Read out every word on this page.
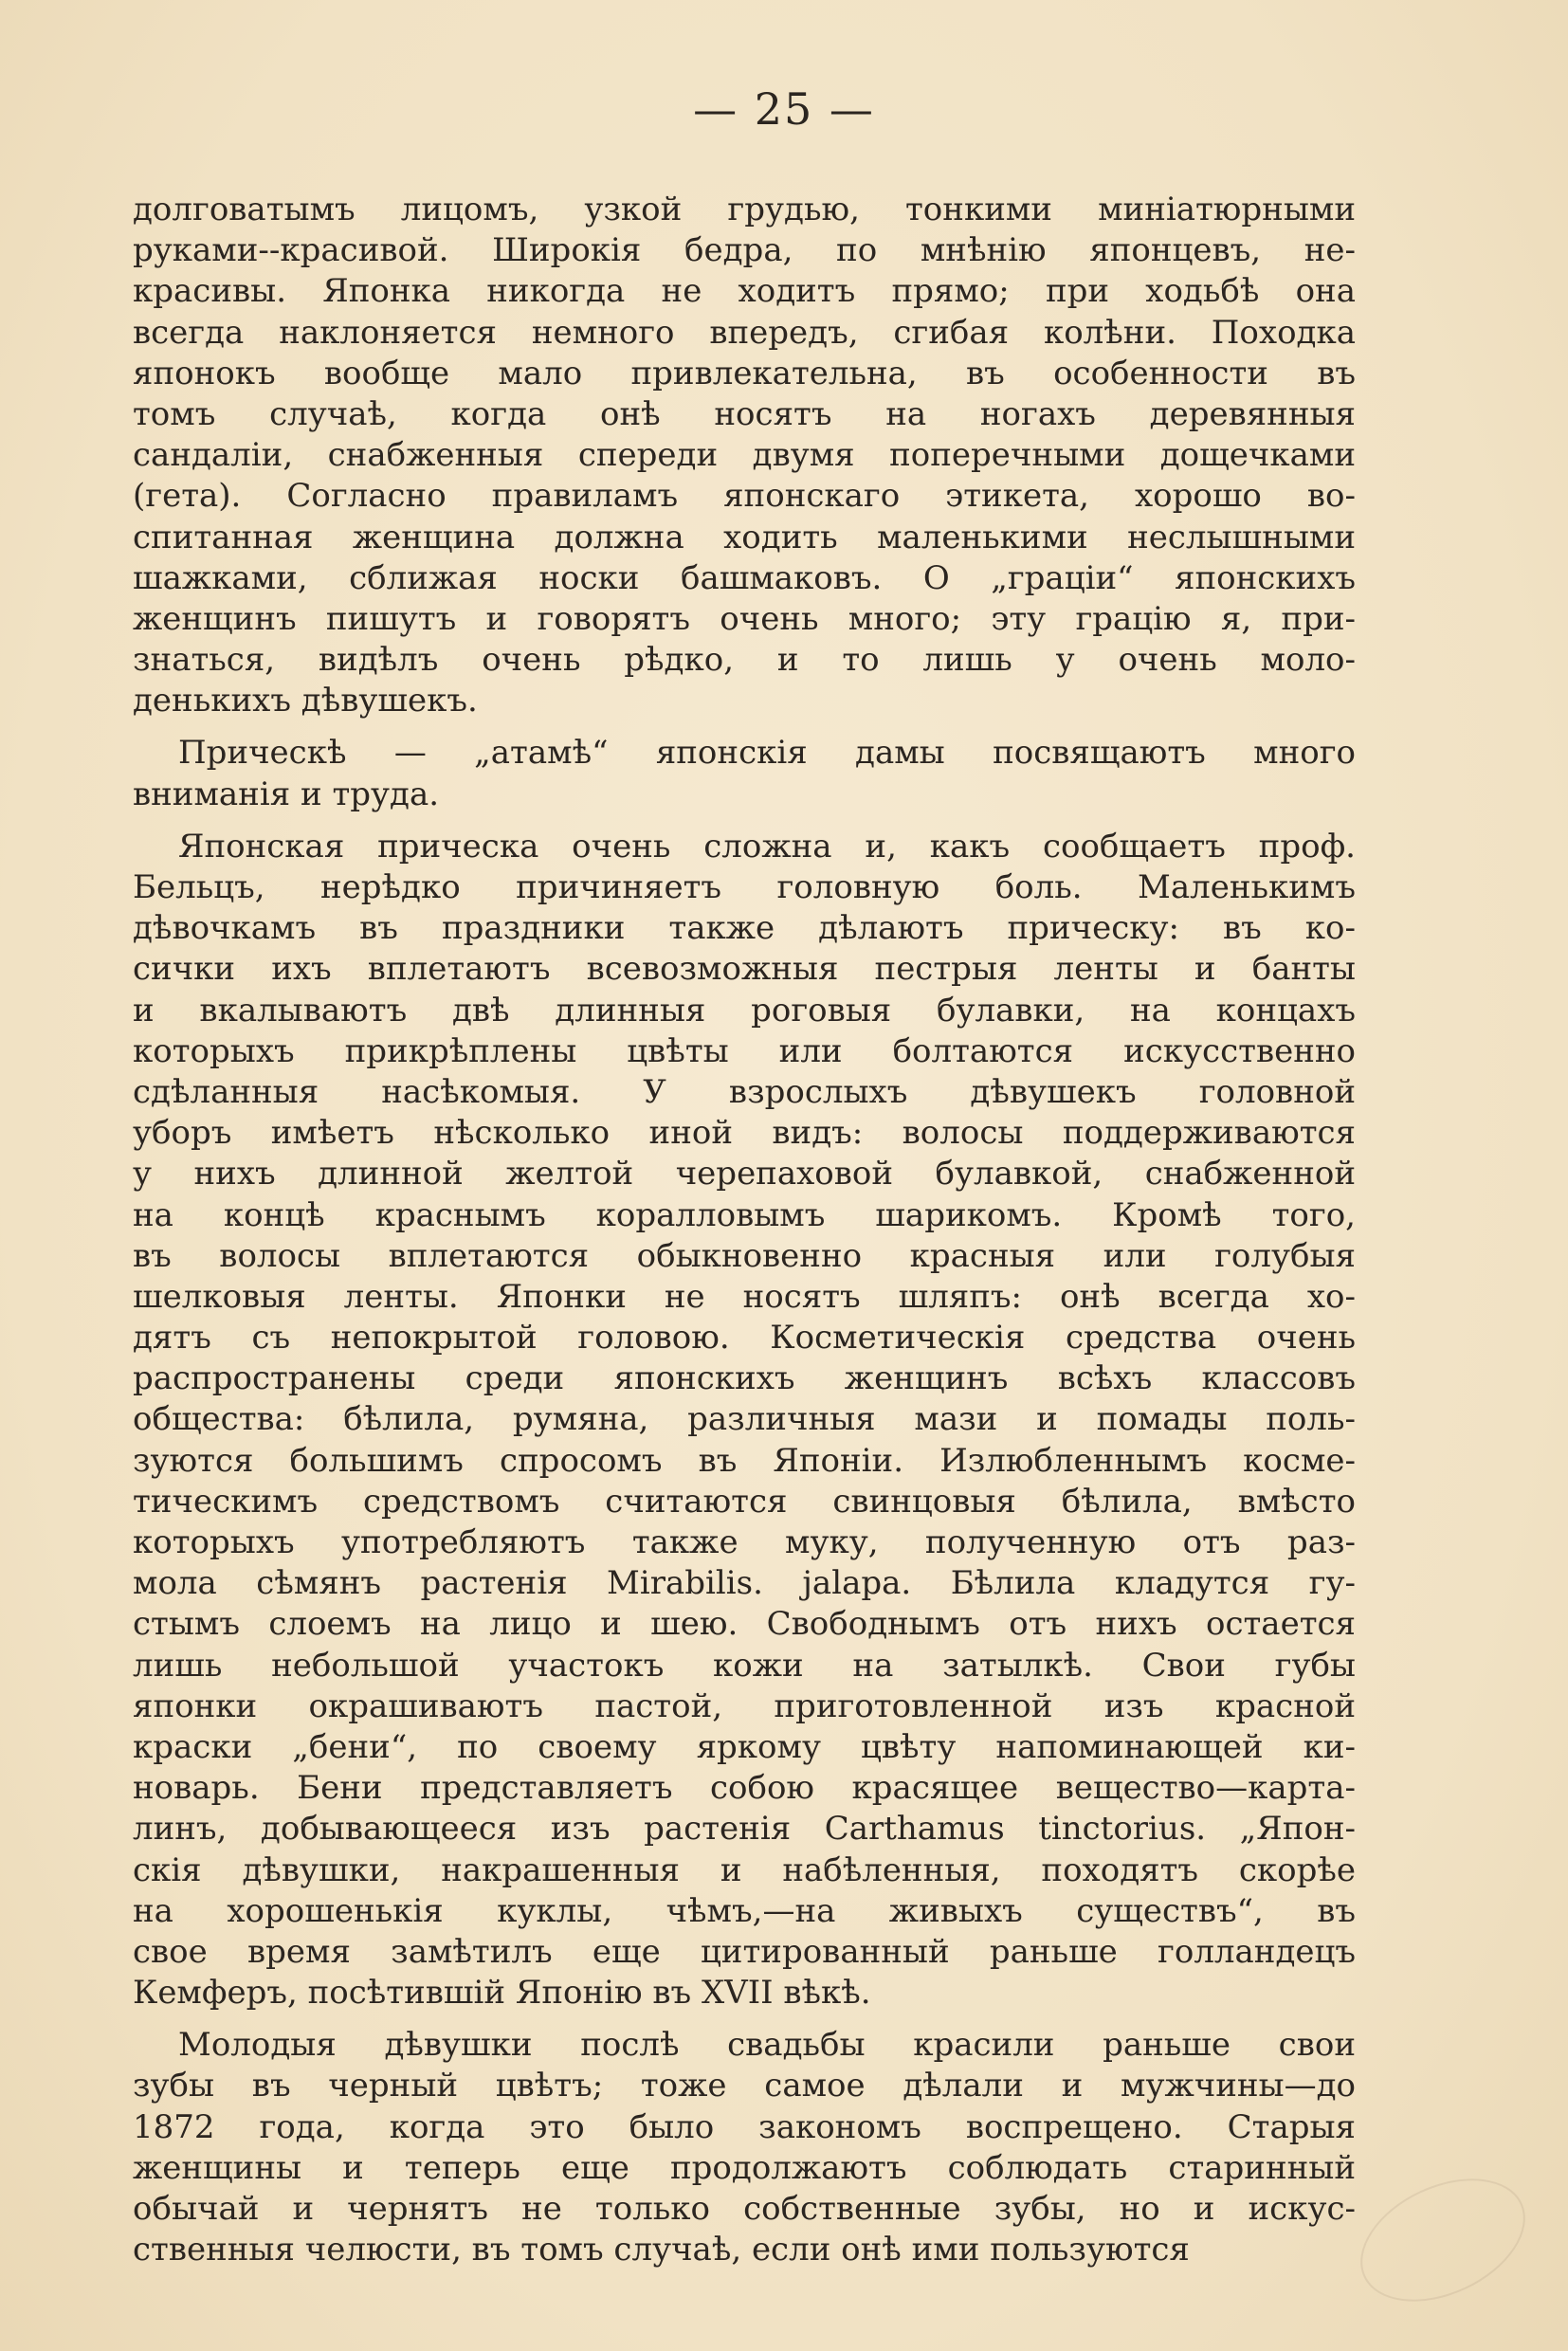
— 25 —
долговатымъ лицомъ, узкой грудью, тонкими миніатюрными
руками--красивой. Широкія бедра, по мнѣнію японцевъ, не-
красивы. Японка никогда не ходитъ прямо; при ходьбѣ она
всегда наклоняется немного впередъ, сгибая колѣни. Походка
японокъ вообще мало привлекательна, въ особенности въ
томъ случаѣ, когда онѣ носятъ на ногахъ деревянныя
сандаліи, снабженныя спереди двумя поперечными дощечками
(гета). Согласно правиламъ японскаго этикета, хорошо во-
спитанная женщина должна ходить маленькими неслышными
шажками, сближая носки башмаковъ. О „граціи“ японскихъ
женщинъ пишутъ и говорятъ очень много; эту грацію я, при-
знаться, видѣлъ очень рѣдко, и то лишь у очень моло-
денькихъ дѣвушекъ.
Прическѣ — „атамѣ“ японскія дамы посвящаютъ много
вниманія и труда.
Японская прическа очень сложна и, какъ сообщаетъ проф.
Бельцъ, нерѣдко причиняетъ головную боль. Маленькимъ
дѣвочкамъ въ праздники также дѣлаютъ прическу: въ ко-
сички ихъ вплетаютъ всевозможныя пестрыя ленты и банты
и вкалываютъ двѣ длинныя роговыя булавки, на концахъ
которыхъ прикрѣплены цвѣты или болтаются искусственно
сдѣланныя насѣкомыя. У взрослыхъ дѣвушекъ головной
уборъ имѣетъ нѣсколько иной видъ: волосы поддерживаются
у нихъ длинной желтой черепаховой булавкой, снабженной
на концѣ краснымъ коралловымъ шарикомъ. Кромѣ того,
въ волосы вплетаются обыкновенно красныя или голубыя
шелковыя ленты. Японки не носятъ шляпъ: онѣ всегда хо-
дятъ съ непокрытой головою. Косметическія средства очень
распространены среди японскихъ женщинъ всѣхъ классовъ
общества: бѣлила, румяна, различныя мази и помады поль-
зуются большимъ спросомъ въ Японіи. Излюбленнымъ косме-
тическимъ средствомъ считаются свинцовыя бѣлила, вмѣсто
которыхъ употребляютъ также муку, полученную отъ раз-
мола сѣмянъ растенія Mirabilis. jalapa. Бѣлила кладутся гу-
стымъ слоемъ на лицо и шею. Свободнымъ отъ нихъ остается
лишь небольшой участокъ кожи на затылкѣ. Свои губы
японки окрашиваютъ пастой, приготовленной изъ красной
краски „бени“, по своему яркому цвѣту напоминающей ки-
новарь. Бени представляетъ собою красящее вещество—карта-
линъ, добывающееся изъ растенія Carthamus tinctorius. „Япон-
скія дѣвушки, накрашенныя и набѣленныя, походятъ скорѣе
на хорошенькія куклы, чѣмъ,—на живыхъ существъ“, въ
свое время замѣтилъ еще цитированный раньше голландецъ
Кемферъ, посѣтившій Японію въ XVII вѣкѣ.
Молодыя дѣвушки послѣ свадьбы красили раньше свои
зубы въ черный цвѣтъ; тоже самое дѣлали и мужчины—до
1872 года, когда это было закономъ воспрещено. Старыя
женщины и теперь еще продолжаютъ соблюдать старинный
обычай и чернятъ не только собственные зубы, но и искус-
ственныя челюсти, въ томъ случаѣ, если онѣ ими пользуются
